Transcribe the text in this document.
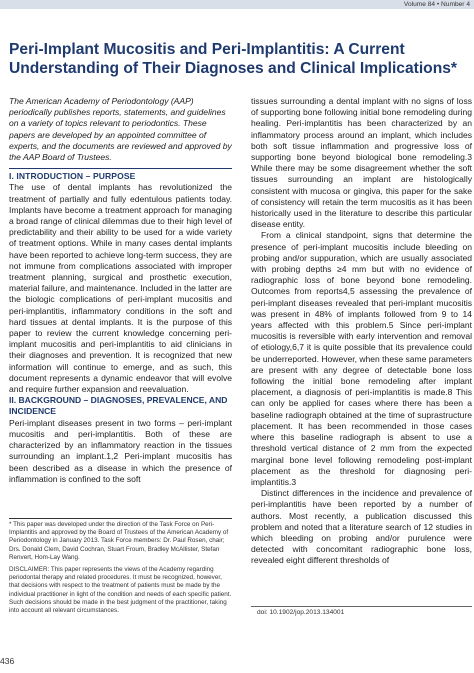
Volume 84 • Number 4
Peri-Implant Mucositis and Peri-Implantitis: A Current Understanding of Their Diagnoses and Clinical Implications*

The American Academy of Periodontology (AAP) periodically publishes reports, statements, and guidelines on a variety of topics relevant to periodontics. These papers are developed by an appointed committee of experts, and the documents are reviewed and approved by the AAP Board of Trustees.

I. INTRODUCTION – PURPOSE

The use of dental implants has revolutionized the treatment of partially and fully edentulous patients today. Implants have become a treatment approach for managing a broad range of clinical dilemmas due to their high level of predictability and their ability to be used for a wide variety of treatment options. While in many cases dental implants have been reported to achieve long-term success, they are not immune from complications associated with improper treatment planning, surgical and prosthetic execution, material failure, and maintenance. Included in the latter are the biologic complications of peri-implant mucositis and peri-implantitis, inflammatory conditions in the soft and hard tissues at dental implants. It is the purpose of this paper to review the current knowledge concerning peri-implant mucositis and peri-implantitis to aid clinicians in their diagnoses and prevention. It is recognized that new information will continue to emerge, and as such, this document represents a dynamic endeavor that will evolve and require further expansion and reevaluation.

II. BACKGROUND – DIAGNOSES, PREVALENCE, AND INCIDENCE

Peri-implant diseases present in two forms – peri-implant mucositis and peri-implantitis. Both of these are characterized by an inflammatory reaction in the tissues surrounding an implant.1,2 Peri-implant mucositis has been described as a disease in which the presence of inflammation is confined to the soft

* This paper was developed under the direction of the Task Force on Peri-Implantitis and approved by the Board of Trustees of the American Academy of Periodontology in January 2013. Task Force members: Dr. Paul Rosen, chair; Drs. Donald Clem, David Cochran, Stuart Froum, Bradley McAllister, Stefan Renvert, Hom-Lay Wang.

DISCLAIMER: This paper represents the views of the Academy regarding periodontal therapy and related procedures. It must be recognized, however, that decisions with respect to the treatment of patients must be made by the individual practitioner in light of the condition and needs of each specific patient. Such decisions should be made in the best judgment of the practitioner, taking into account all relevant circumstances.

tissues surrounding a dental implant with no signs of loss of supporting bone following initial bone remodeling during healing. Peri-implantitis has been characterized by an inflammatory process around an implant, which includes both soft tissue inflammation and progressive loss of supporting bone beyond biological bone remodeling.3 While there may be some disagreement whether the soft tissues surrounding an implant are histologically consistent with mucosa or gingiva, this paper for the sake of consistency will retain the term mucositis as it has been historically used in the literature to describe this particular disease entity.

From a clinical standpoint, signs that determine the presence of peri-implant mucositis include bleeding on probing and/or suppuration, which are usually associated with probing depths ≥4 mm but with no evidence of radiographic loss of bone beyond bone remodeling. Outcomes from reports4,5 assessing the prevalence of peri-implant diseases revealed that peri-implant mucositis was present in 48% of implants followed from 9 to 14 years affected with this problem.5 Since peri-implant mucositis is reversible with early intervention and removal of etiology,6,7 it is quite possible that its prevalence could be underreported. However, when these same parameters are present with any degree of detectable bone loss following the initial bone remodeling after implant placement, a diagnosis of peri-implantitis is made.8 This can only be applied for cases where there has been a baseline radiograph obtained at the time of suprastructure placement. It has been recommended in those cases where this baseline radiograph is absent to use a threshold vertical distance of 2 mm from the expected marginal bone level following remodeling post-implant placement as the threshold for diagnosing peri-implantitis.3

Distinct differences in the incidence and prevalence of peri-implantitis have been reported by a number of authors. Most recently, a publication discussed this problem and noted that a literature search of 12 studies in which bleeding on probing and/or purulence were detected with concomitant radiographic bone loss, revealed eight different thresholds of

doi: 10.1902/jop.2013.134001
436
